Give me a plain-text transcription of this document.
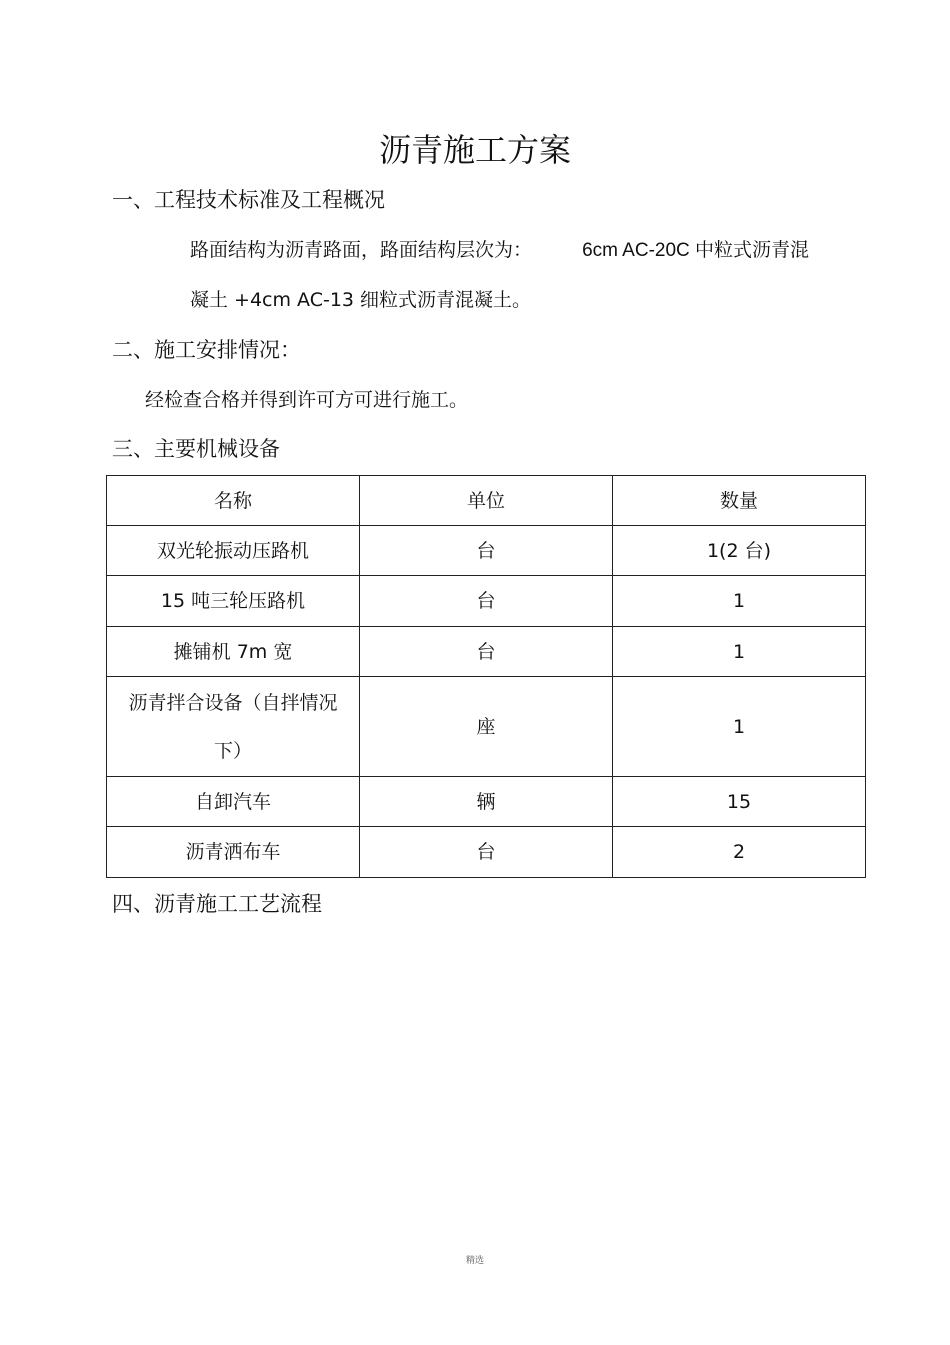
沥青施工方案
一、工程技术标准及工程概况
路面结构为沥青路面，路面结构层次为：	6cm AC-20C 中粒式沥青混
凝土 +4cm AC-13 细粒式沥青混凝土。
二、施工安排情况：
经检查合格并得到许可方可进行施工。
三、主要机械设备
名称	单位	数量
双光轮振动压路机	台	1(2 台)
15 吨三轮压路机	台	1
摊铺机 7m 宽	台	1

沥青拌合设备（自拌情况
下）	座	1
自卸汽车	辆	15
沥青洒布车	台	2
四、沥青施工工艺流程
精选
